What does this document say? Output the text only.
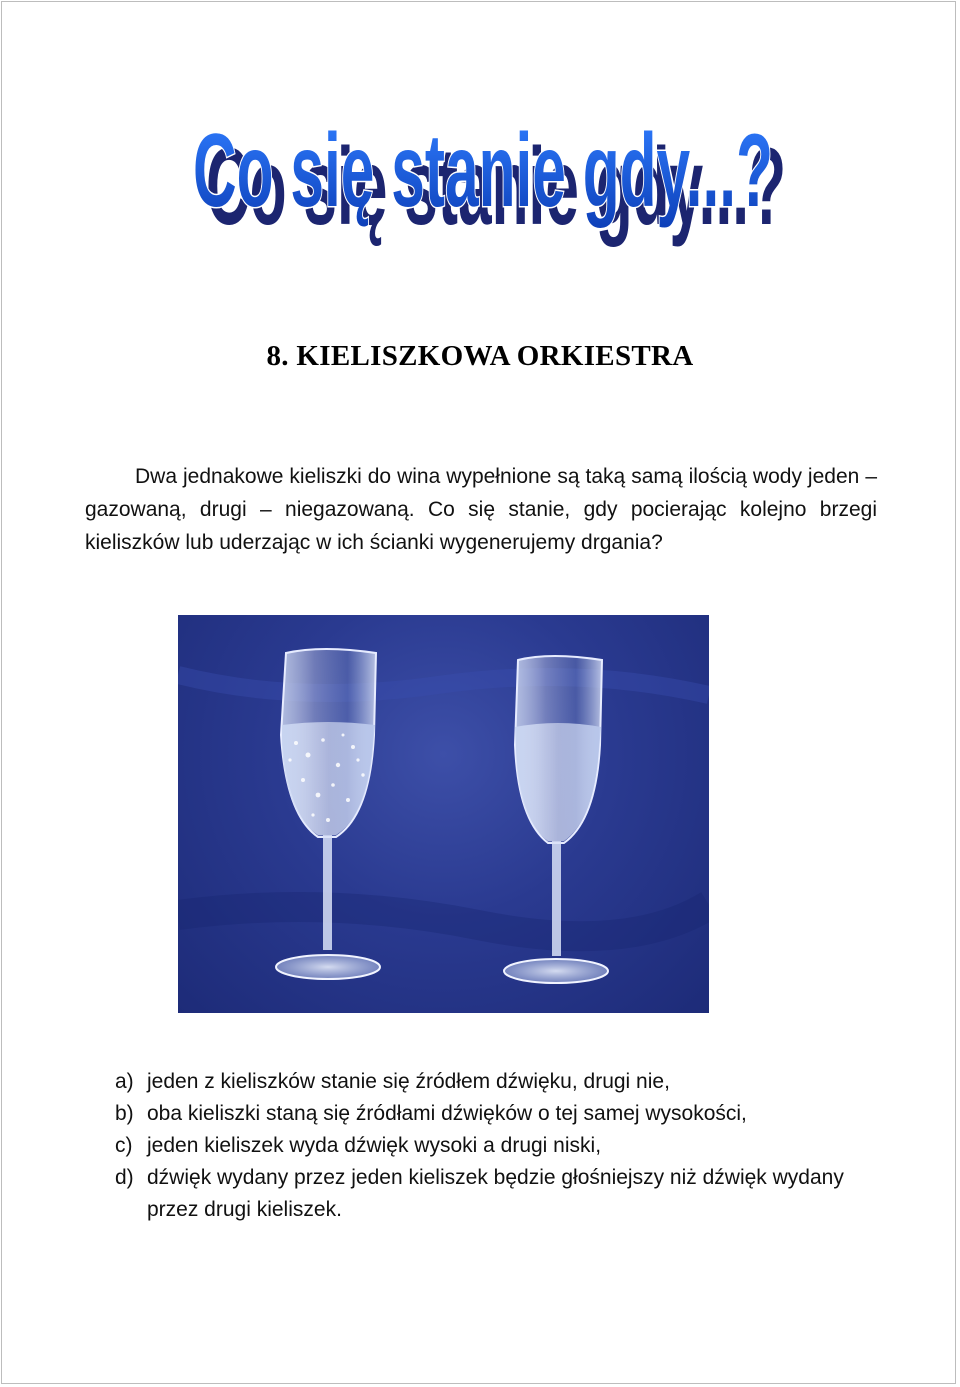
Co się stanie gdy...?
Co się stanie gdy...?
8. KIELISZKOWA ORKIESTRA

Dwa jednakowe kieliszki do wina wypełnione są taką samą ilością wody jeden – gazowaną, drugi – niegazowaną. Co się stanie, gdy pocierając kolejno brzegi kieliszków lub uderzając w ich ścianki wygenerujemy drgania?

a) jeden z kieliszków stanie się źródłem dźwięku, drugi nie,
b) oba kieliszki staną się źródłami dźwięków o tej samej wysokości,
c) jeden kieliszek wyda dźwięk wysoki a drugi niski,
d) dźwięk wydany przez jeden kieliszek będzie głośniejszy niż dźwięk wydany przez drugi kieliszek.
